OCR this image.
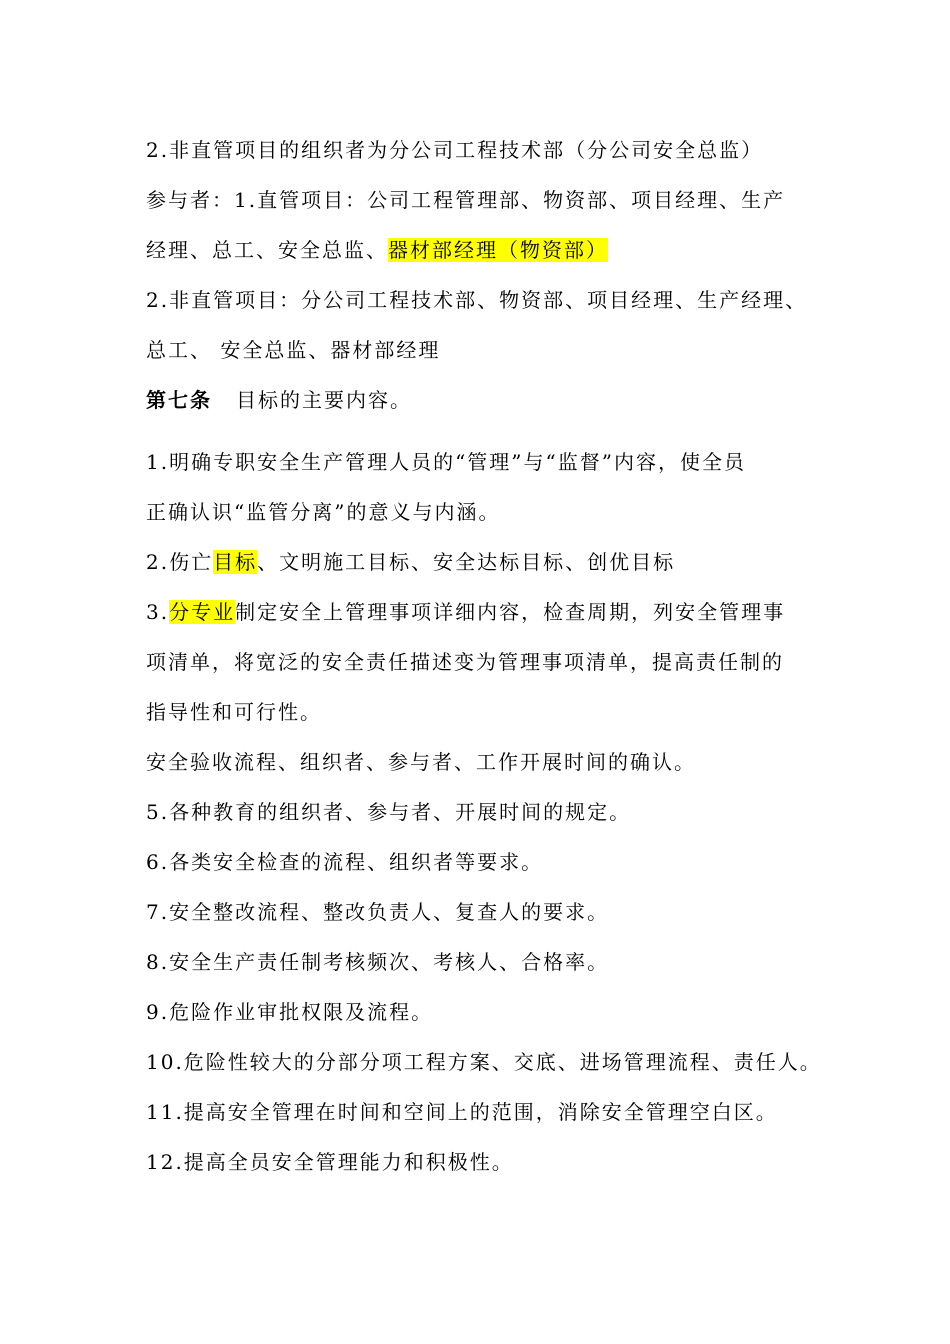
2.非直管项目的组织者为分公司工程技术部（分公司安全总监）
参与者：1.直管项目：公司工程管理部、物资部、项目经理、生产
经理、总工、安全总监、器材部经理（物资部）
2.非直管项目：分公司工程技术部、物资部、项目经理、生产经理、
总工、 安全总监、器材部经理
第七条 目标的主要内容。
1.明确专职安全生产管理人员的“管理”与“监督”内容，使全员
正确认识“监管分离”的意义与内涵。
2.伤亡目标、文明施工目标、安全达标目标、创优目标
3.分专业制定安全上管理事项详细内容，检查周期，列安全管理事
项清单，将宽泛的安全责任描述变为管理事项清单，提高责任制的
指导性和可行性。
安全验收流程、组织者、参与者、工作开展时间的确认。
5.各种教育的组织者、参与者、开展时间的规定。
6.各类安全检查的流程、组织者等要求。
7.安全整改流程、整改负责人、复查人的要求。
8.安全生产责任制考核频次、考核人、合格率。
9.危险作业审批权限及流程。
10.危险性较大的分部分项工程方案、交底、进场管理流程、责任人。
11.提高安全管理在时间和空间上的范围，消除安全管理空白区。
12.提高全员安全管理能力和积极性。
